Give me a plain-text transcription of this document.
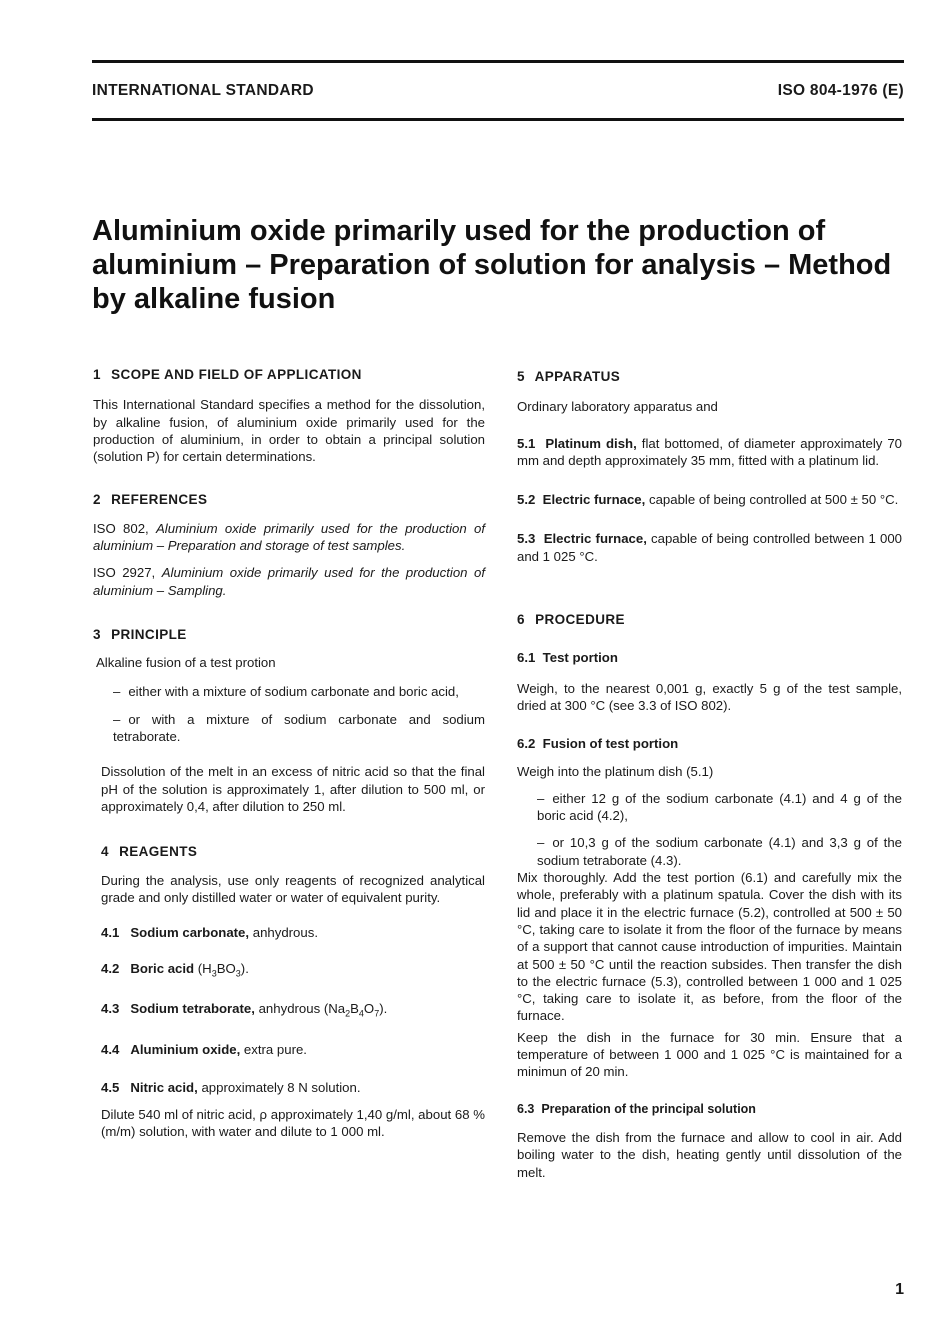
INTERNATIONAL STANDARD	ISO 804-1976 (E)
Aluminium oxide primarily used for the production of aluminium – Preparation of solution for analysis – Method by alkaline fusion
1 SCOPE AND FIELD OF APPLICATION

This International Standard specifies a method for the dissolution, by alkaline fusion, of aluminium oxide primarily used for the production of aluminium, in order to obtain a principal solution (solution P) for certain determinations.

2 REFERENCES

ISO 802, Aluminium oxide primarily used for the production of aluminium – Preparation and storage of test samples.

ISO 2927, Aluminium oxide primarily used for the production of aluminium – Sampling.

3 PRINCIPLE

Alkaline fusion of a test protion

– either with a mixture of sodium carbonate and boric acid,

– or with a mixture of sodium carbonate and sodium tetraborate.

Dissolution of the melt in an excess of nitric acid so that the final pH of the solution is approximately 1, after dilution to 500 ml, or approximately 0,4, after dilution to 250 ml.

4 REAGENTS

During the analysis, use only reagents of recognized analytical grade and only distilled water or water of equivalent purity.

4.1 Sodium carbonate, anhydrous.

4.2 Boric acid $(H_3BO_3)$.

4.3 Sodium tetraborate, anhydrous $(Na_2B_4O_7)$.

4.4 Aluminium oxide, extra pure.

4.5 Nitric acid, approximately 8 N solution.

Dilute 540 ml of nitric acid, ρ approximately 1,40 g/ml, about 68 % (m/m) solution, with water and dilute to 1 000 ml.

5 APPARATUS

Ordinary laboratory apparatus and

5.1 Platinum dish, flat bottomed, of diameter approximately 70 mm and depth approximately 35 mm, fitted with a platinum lid.

5.2 Electric furnace, capable of being controlled at 500 ± 50 °C.

5.3 Electric furnace, capable of being controlled between 1 000 and 1 025 °C.

6 PROCEDURE

6.1 Test portion

Weigh, to the nearest 0,001 g, exactly 5 g of the test sample, dried at 300 °C (see 3.3 of ISO 802).

6.2 Fusion of test portion

Weigh into the platinum dish (5.1)

– either 12 g of the sodium carbonate (4.1) and 4 g of the boric acid (4.2),

– or 10,3 g of the sodium carbonate (4.1) and 3,3 g of the sodium tetraborate (4.3).

Mix thoroughly. Add the test portion (6.1) and carefully mix the whole, preferably with a platinum spatula. Cover the dish with its lid and place it in the electric furnace (5.2), controlled at 500 ± 50 °C, taking care to isolate it from the floor of the furnace by means of a support that cannot cause introduction of impurities. Maintain at 500 ± 50 °C until the reaction subsides. Then transfer the dish to the electric furnace (5.3), controlled between 1 000 and 1 025 °C, taking care to isolate it, as before, from the floor of the furnace.

Keep the dish in the furnace for 30 min. Ensure that a temperature of between 1 000 and 1 025 °C is maintained for a minimun of 20 min.

6.3 Preparation of the principal solution

Remove the dish from the furnace and allow to cool in air. Add boiling water to the dish, heating gently until dissolution of the melt.

1
